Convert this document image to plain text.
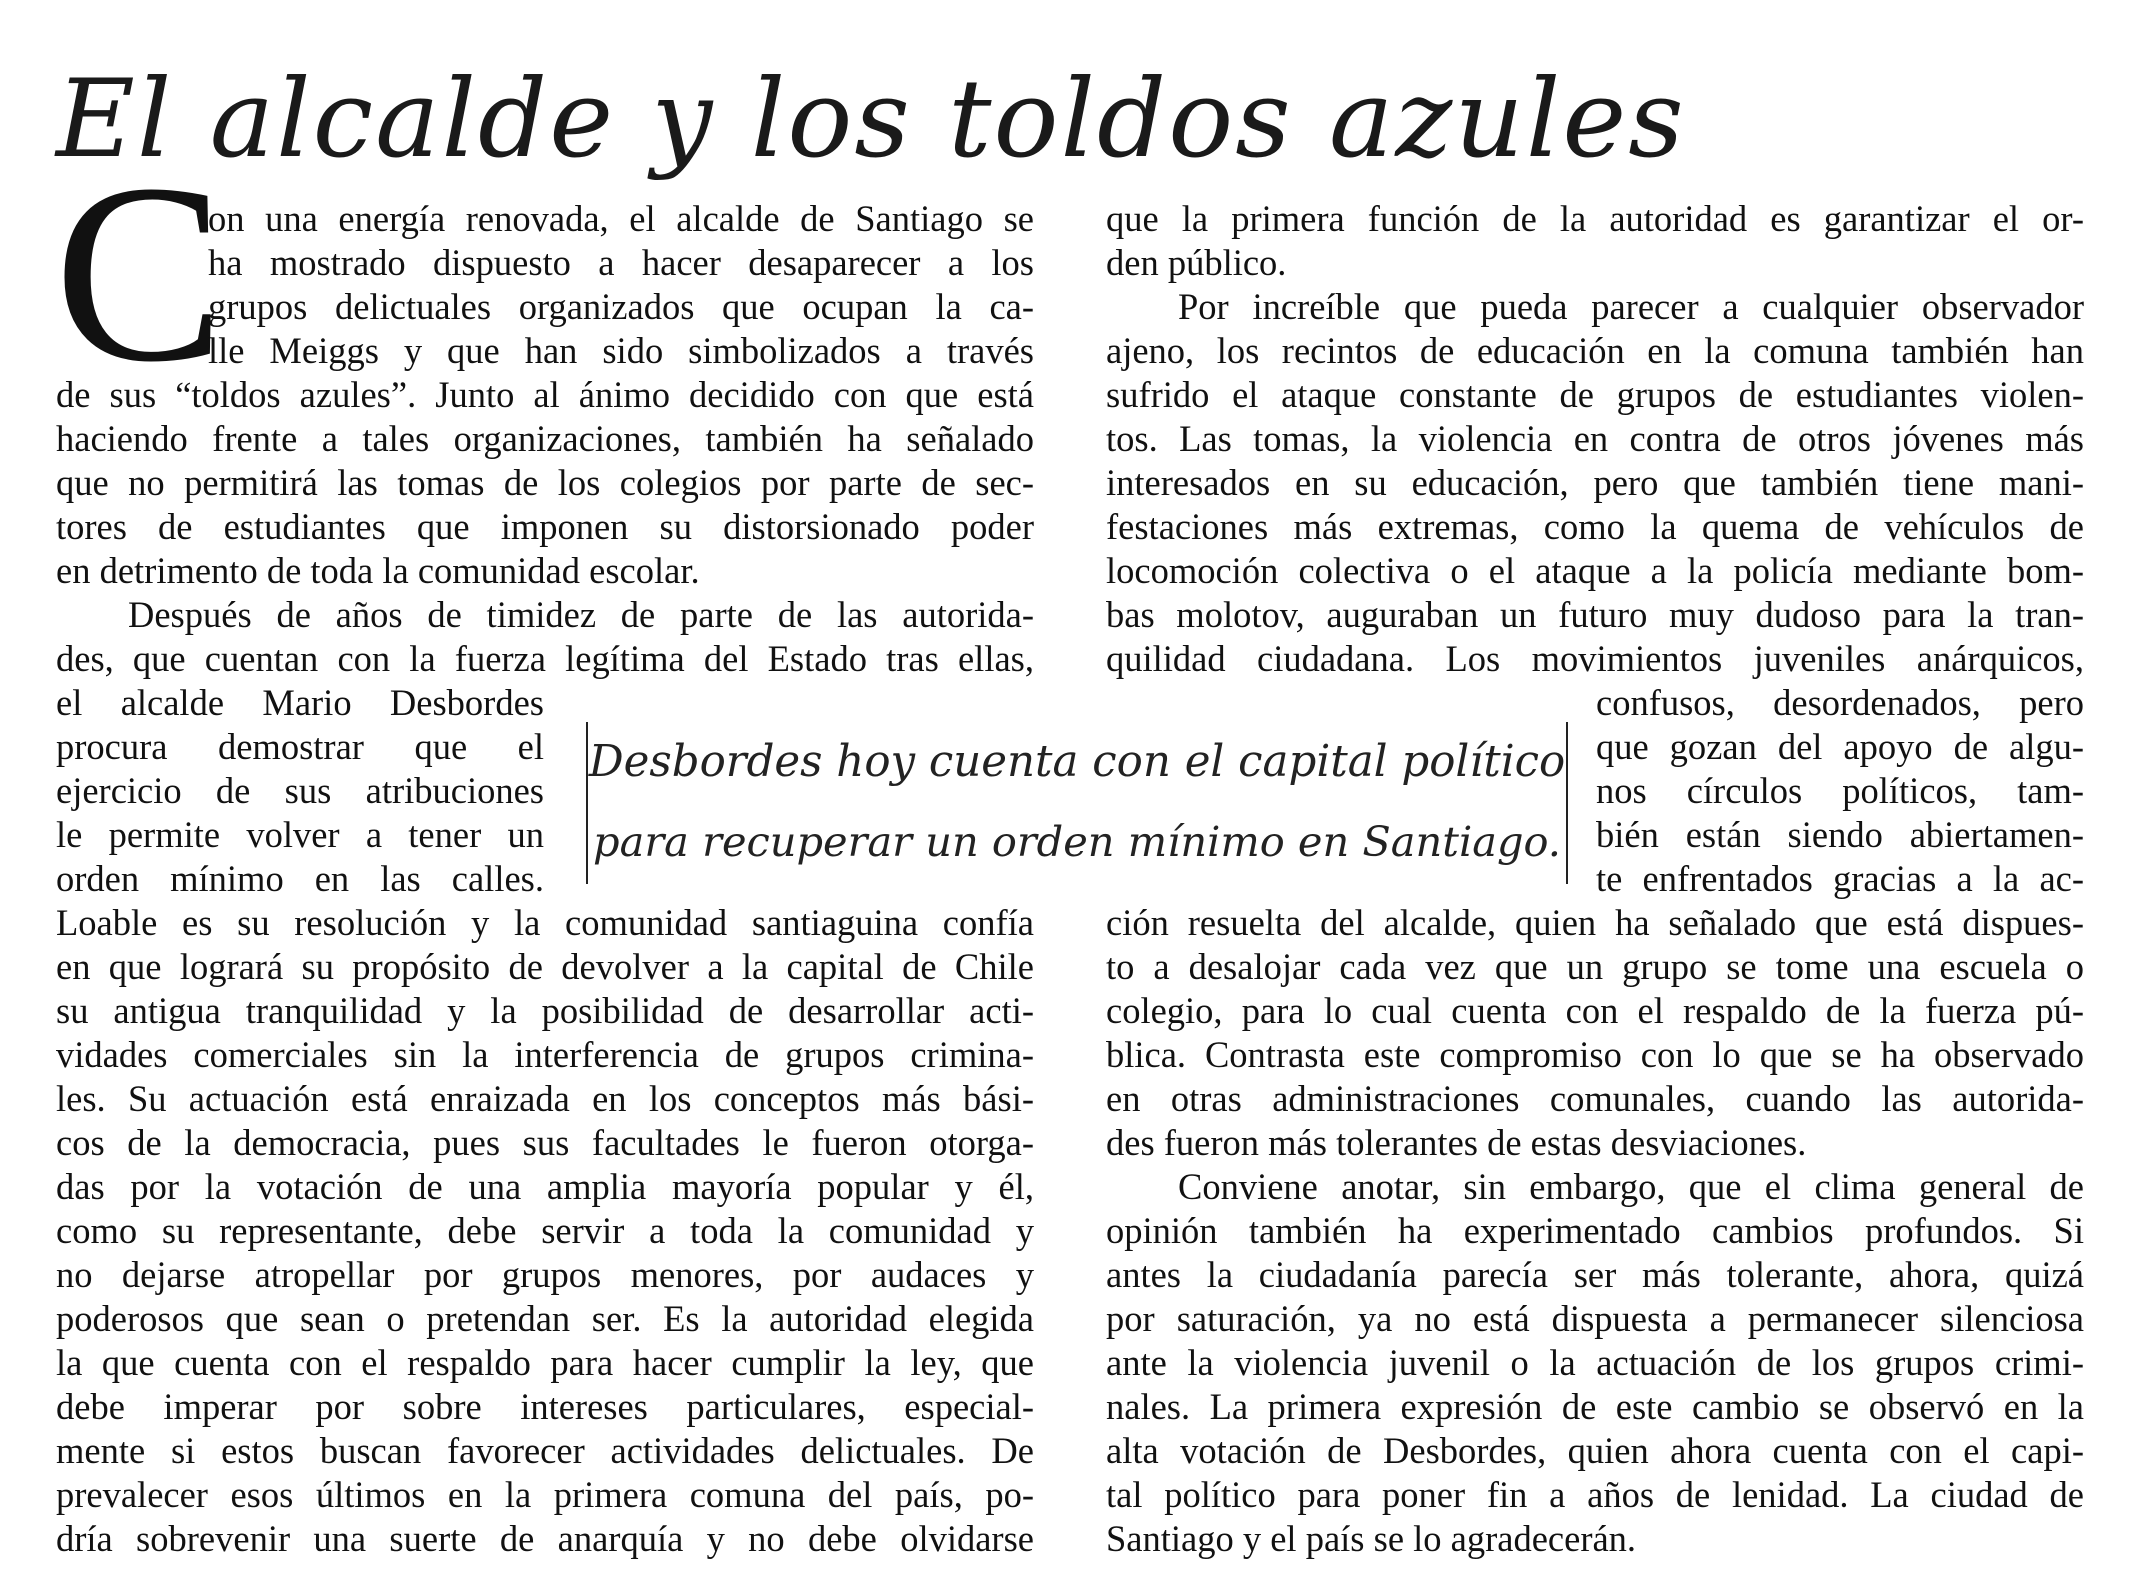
El alcalde y los toldos azules
C

on una energía renovada, el alcalde de Santiago se

ha mostrado dispuesto a hacer desaparecer a los

grupos delictuales organizados que ocupan la ca-

lle Meiggs y que han sido simbolizados a través

de sus “toldos azules”. Junto al ánimo decidido con que está

haciendo frente a tales organizaciones, también ha señalado

que no permitirá las tomas de los colegios por parte de sec-

tores de estudiantes que imponen su distorsionado poder

en detrimento de toda la comunidad escolar.

Después de años de timidez de parte de las autorida-

des, que cuentan con la fuerza legítima del Estado tras ellas,

el alcalde Mario Desbordes

procura demostrar que el

ejercicio de sus atribuciones

le permite volver a tener un

orden mínimo en las calles.

Loable es su resolución y la comunidad santiaguina confía

en que logrará su propósito de devolver a la capital de Chile

su antigua tranquilidad y la posibilidad de desarrollar acti-

vidades comerciales sin la interferencia de grupos crimina-

les. Su actuación está enraizada en los conceptos más bási-

cos de la democracia, pues sus facultades le fueron otorga-

das por la votación de una amplia mayoría popular y él,

como su representante, debe servir a toda la comunidad y

no dejarse atropellar por grupos menores, por audaces y

poderosos que sean o pretendan ser. Es la autoridad elegida

la que cuenta con el respaldo para hacer cumplir la ley, que

debe imperar por sobre intereses particulares, especial-

mente si estos buscan favorecer actividades delictuales. De

prevalecer esos últimos en la primera comuna del país, po-

dría sobrevenir una suerte de anarquía y no debe olvidarse

que la primera función de la autoridad es garantizar el or-

den público.

Por increíble que pueda parecer a cualquier observador

ajeno, los recintos de educación en la comuna también han

sufrido el ataque constante de grupos de estudiantes violen-

tos. Las tomas, la violencia en contra de otros jóvenes más

interesados en su educación, pero que también tiene mani-

festaciones más extremas, como la quema de vehículos de

locomoción colectiva o el ataque a la policía mediante bom-

bas molotov, auguraban un futuro muy dudoso para la tran-

quilidad ciudadana. Los movimientos juveniles anárquicos,

confusos, desordenados, pero

que gozan del apoyo de algu-

nos círculos políticos, tam-

bién están siendo abiertamen-

te enfrentados gracias a la ac-

ción resuelta del alcalde, quien ha señalado que está dispues-

to a desalojar cada vez que un grupo se tome una escuela o

colegio, para lo cual cuenta con el respaldo de la fuerza pú-

blica. Contrasta este compromiso con lo que se ha observado

en otras administraciones comunales, cuando las autorida-

des fueron más tolerantes de estas desviaciones.

Conviene anotar, sin embargo, que el clima general de

opinión también ha experimentado cambios profundos. Si

antes la ciudadanía parecía ser más tolerante, ahora, quizá

por saturación, ya no está dispuesta a permanecer silenciosa

ante la violencia juvenil o la actuación de los grupos crimi-

nales. La primera expresión de este cambio se observó en la

alta votación de Desbordes, quien ahora cuenta con el capi-

tal político para poner fin a años de lenidad. La ciudad de

Santiago y el país se lo agradecerán.

Desbordes hoy cuenta con el capital político
para recuperar un orden mínimo en Santiago.
